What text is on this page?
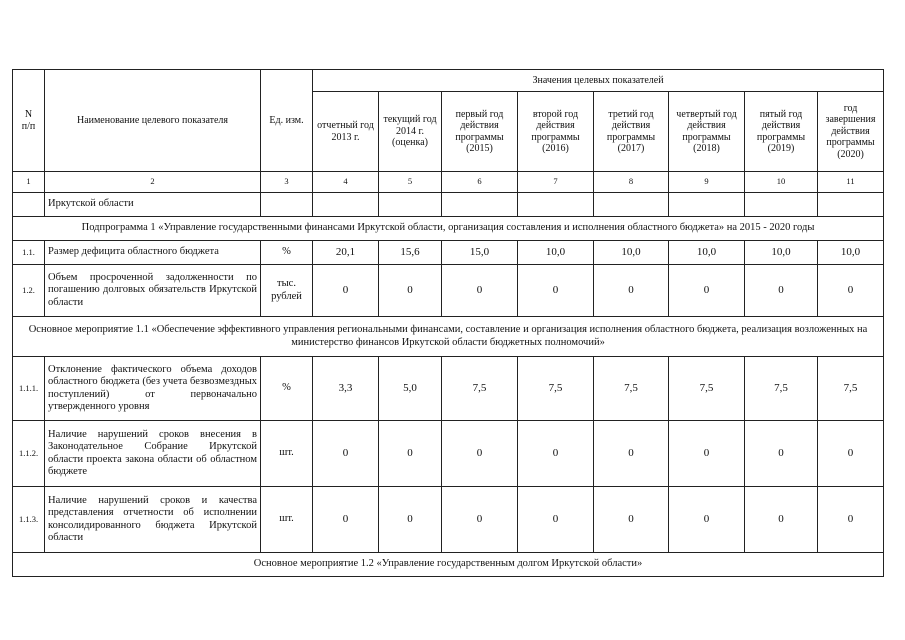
N
п/п	Наименование целевого показателя	Ед. изм.	Значения целевых показателей							
			отчетный год 2013 г.	текущий год 2014 г. (оценка)	первый год действия программы (2015)	второй год действия программы (2016)	третий год действия программы (2017)	четвертый год действия программы (2018)	пятый год действия программы (2019)	год завершения действия программы (2020)
1	2	3	4	5	6	7	8	9	10	11
	Иркутской области									
Подпрограмма 1 «Управление государственными финансами Иркутской области, организация составления и исполнения областного бюджета» на 2015 - 2020 годы										
1.1.	Размер дефицита областного бюджета	%	20,1	15,6	15,0	10,0	10,0	10,0	10,0	10,0
1.2.	Объем просроченной задолженности по погашению долговых обязательств Иркутской области	тыс. рублей	0	0	0	0	0	0	0	0
Основное мероприятие 1.1 «Обеспечение эффективного управления региональными финансами, составление и организация исполнения областного бюджета, реализация возложенных на министерство финансов Иркутской области бюджетных полномочий»										
1.1.1.	Отклонение фактического объема доходов областного бюджета (без учета безвозмездных поступлений) от первоначально утвержденного уровня	%	3,3	5,0	7,5	7,5	7,5	7,5	7,5	7,5
1.1.2.	Наличие нарушений сроков внесения в Законодательное Собрание Иркутской области проекта закона области об областном бюджете	шт.	0	0	0	0	0	0	0	0
1.1.3.	Наличие нарушений сроков и качества представления отчетности об исполнении консолидированного бюджета Иркутской области	шт.	0	0	0	0	0	0	0	0
Основное мероприятие 1.2 «Управление государственным долгом Иркутской области»										
